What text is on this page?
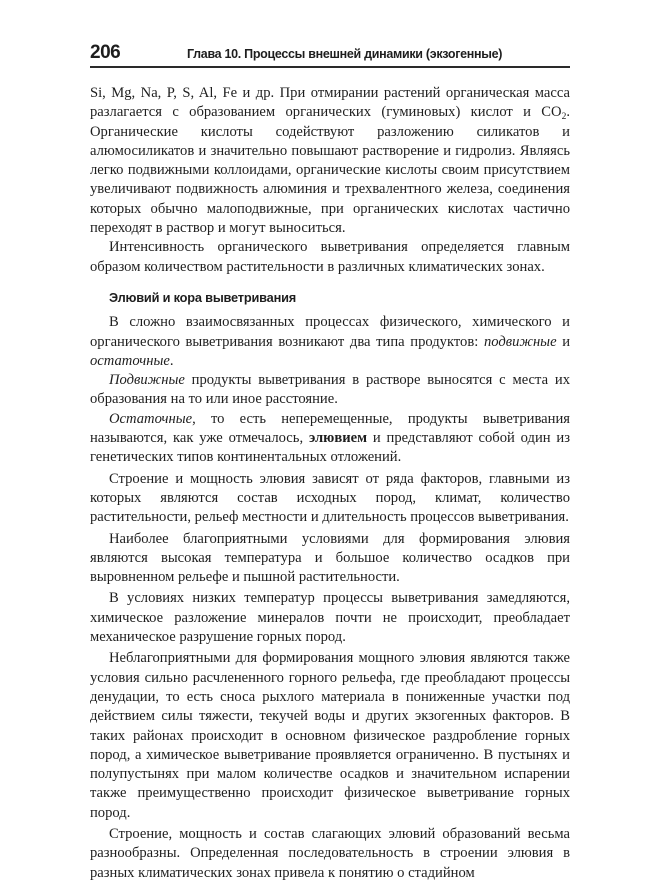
206	Глава 10. Процессы внешней динамики (экзогенные)

Si, Mg, Na, P, S, Al, Fe и др. При отмирании растений органическая масса разлагается с образованием органических (гуминовых) кислот и $CO_2$. Органические кислоты содействуют разложению силикатов и алюмосиликатов и значительно повышают растворение и гидролиз. Являясь легко подвижными коллоидами, органические кислоты своим присутствием увеличивают подвижность алюминия и трехвалентного железа, соединения которых обычно малоподвижные, при органических кислотах частично переходят в раствор и могут выноситься.

Интенсивность органического выветривания определяется главным образом количеством растительности в различных климатических зонах.

Элювий и кора выветривания

В сложно взаимосвязанных процессах физического, химического и органического выветривания возникают два типа продуктов: подвижные и остаточные.

Подвижные продукты выветривания в растворе выносятся с места их образования на то или иное расстояние.

Остаточные, то есть неперемещенные, продукты выветривания называются, как уже отмечалось, элювием и представляют собой один из генетических типов континентальных отложений.

Строение и мощность элювия зависят от ряда факторов, главными из которых являются состав исходных пород, климат, количество растительности, рельеф местности и длительность процессов выветривания.

Наиболее благоприятными условиями для формирования элювия являются высокая температура и большое количество осадков при выровненном рельефе и пышной растительности.

В условиях низких температур процессы выветривания замедляются, химическое разложение минералов почти не происходит, преобладает механическое разрушение горных пород.

Неблагоприятными для формирования мощного элювия являются также условия сильно расчлененного горного рельефа, где преобладают процессы денудации, то есть сноса рыхлого материала в пониженные участки под действием силы тяжести, текучей воды и других экзогенных факторов. В таких районах происходит в основном физическое раздробление горных пород, а химическое выветривание проявляется ограниченно. В пустынях и полупустынях при малом количестве осадков и значительном испарении также преимущественно происходит физическое выветривание горных пород.

Строение, мощность и состав слагающих элювий образований весьма разнообразны. Определенная последовательность в строении элювия в разных климатических зонах привела к понятию о стадийном
